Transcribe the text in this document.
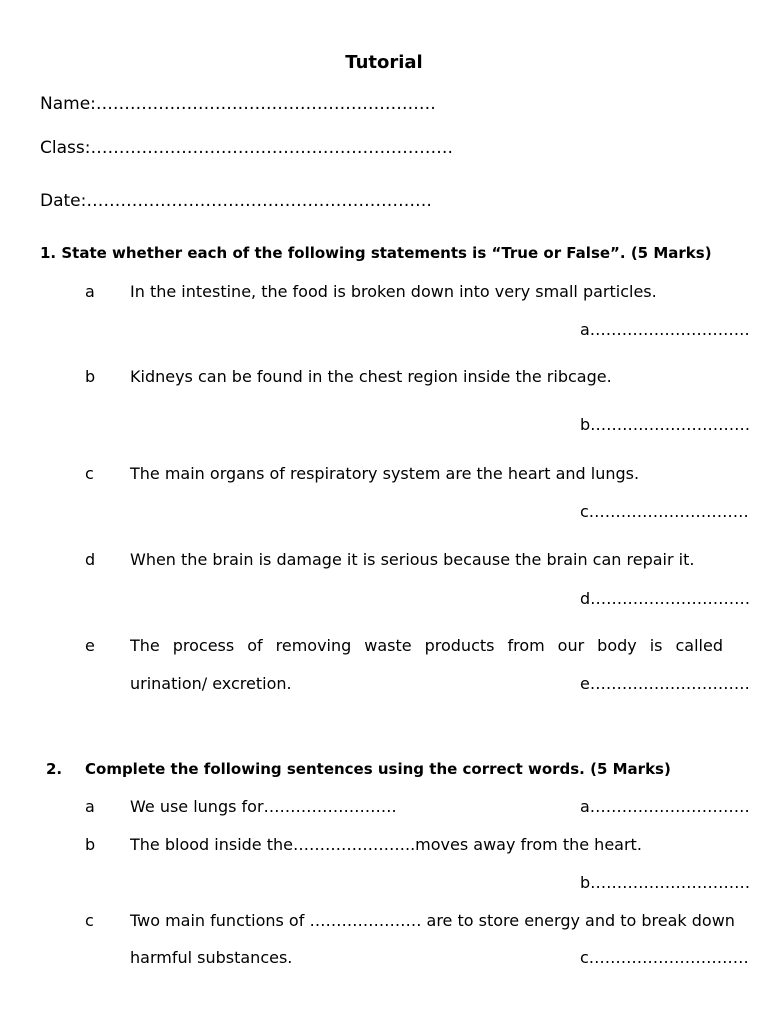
Tutorial
Name:……………………………………………………
Class:……………………………………………………….
Date:…………………………………………………….
1. State whether each of the following statements is “True or False”. (5 Marks)
a In the intestine, the food is broken down into very small particles.
a…………………………
b Kidneys can be found in the chest region inside the ribcage.
b…………………………
c The main organs of respiratory system are the heart and lungs.
c…………………………
d When the brain is damage it is serious because the brain can repair it.
d…………………………
e The process of removing waste products from our body is called
urination/ excretion.	e…………………………
2. Complete the following sentences using the correct words. (5 Marks)
a We use lungs for…………………….	a…………………………
b The blood inside the…………………..moves away from the heart.
b…………………………
c Two main functions of ………………… are to store energy and to break down
harmful substances.	c…………………………
